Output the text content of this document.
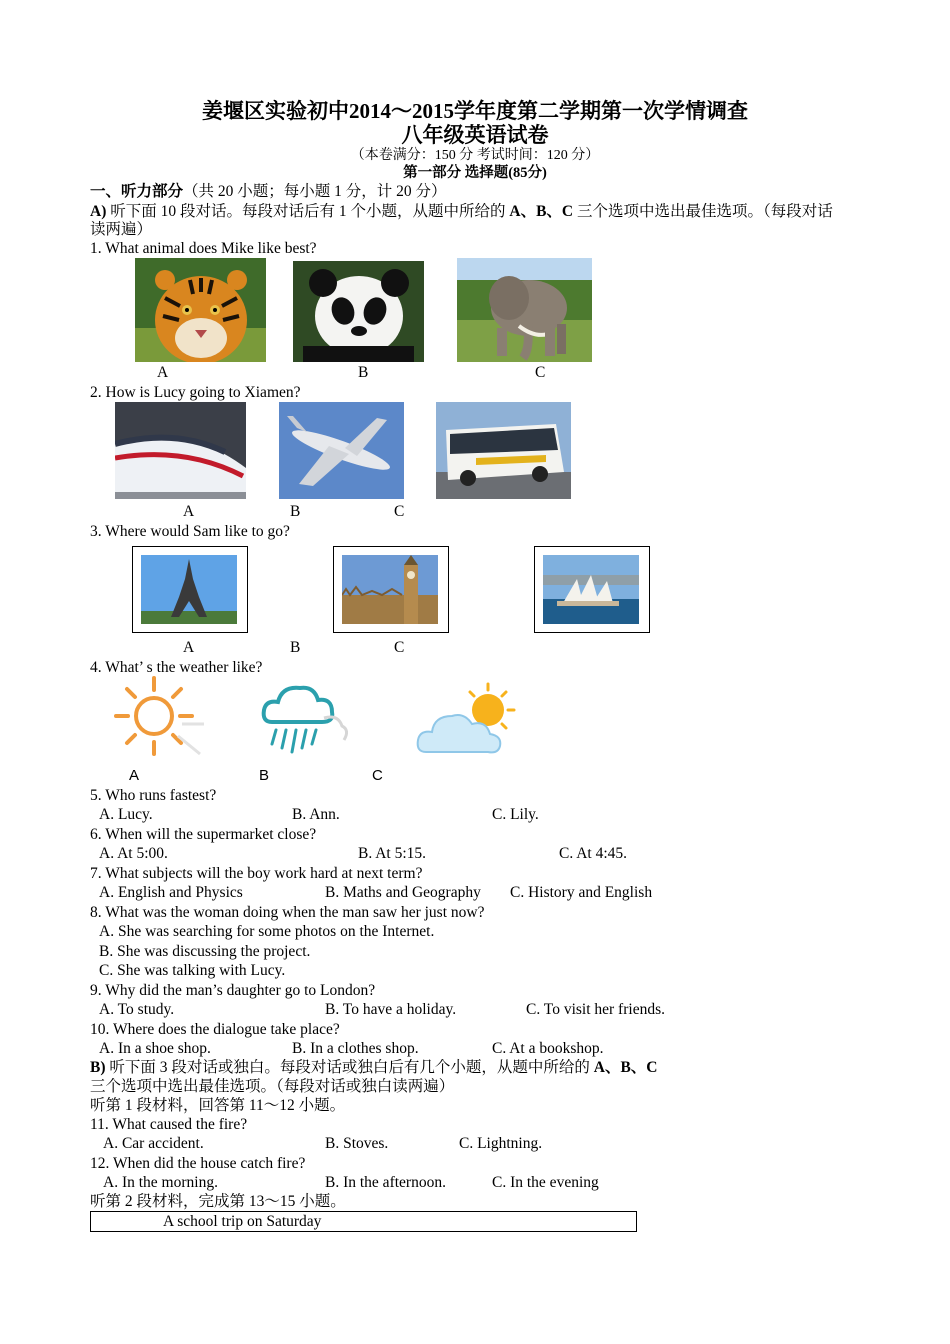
姜堰区实验初中2014～2015学年度第二学期第一次学情调查
八年级英语试卷
（本卷满分：150 分 考试时间：120 分）
第一部分 选择题(85分)
一、听力部分（共 20 小题；每小题 1 分，计 20 分）
A) 听下面 10 段对话。每段对话后有 1 个小题，从题中所给的 A、B、C 三个选项中选出最佳选项。（每段对话
读两遍）
1. What animal does Mike like best?
A	B	C
2. How is Lucy going to Xiamen?
A	B	C
3. Where would Sam like to go?
A	B	C
4. What’ s the weather like?
A	B	C
5. Who runs fastest?
A. Lucy.	B. Ann.	C. Lily.
6. When will the supermarket close?
A. At 5:00.	B. At 5:15.	C. At 4:45.
7. What subjects will the boy work hard at next term?
A. English and Physics	B. Maths and Geography C. History and English
8. What was the woman doing when the man saw her just now?
A. She was searching for some photos on the Internet.
B. She was discussing the project.
C. She was talking with Lucy.
9. Why did the man’s daughter go to London?
A. To study.	B. To have a holiday.	C. To visit her friends.
10. Where does the dialogue take place?
A. In a shoe shop.	B. In a clothes shop.	C. At a bookshop.
B) 听下面 3 段对话或独白。每段对话或独白后有几个小题，从题中所给的 A、B、C
三个选项中选出最佳选项。（每段对话或独白读两遍）
听第 1 段材料，回答第 11～12 小题。
11. What caused the fire?
A. Car accident.	B. Stoves.	C. Lightning.
12. When did the house catch fire?
A. In the morning.	B. In the afternoon.	C. In the evening
听第 2 段材料，完成第 13～15 小题。
A school trip on Saturday
